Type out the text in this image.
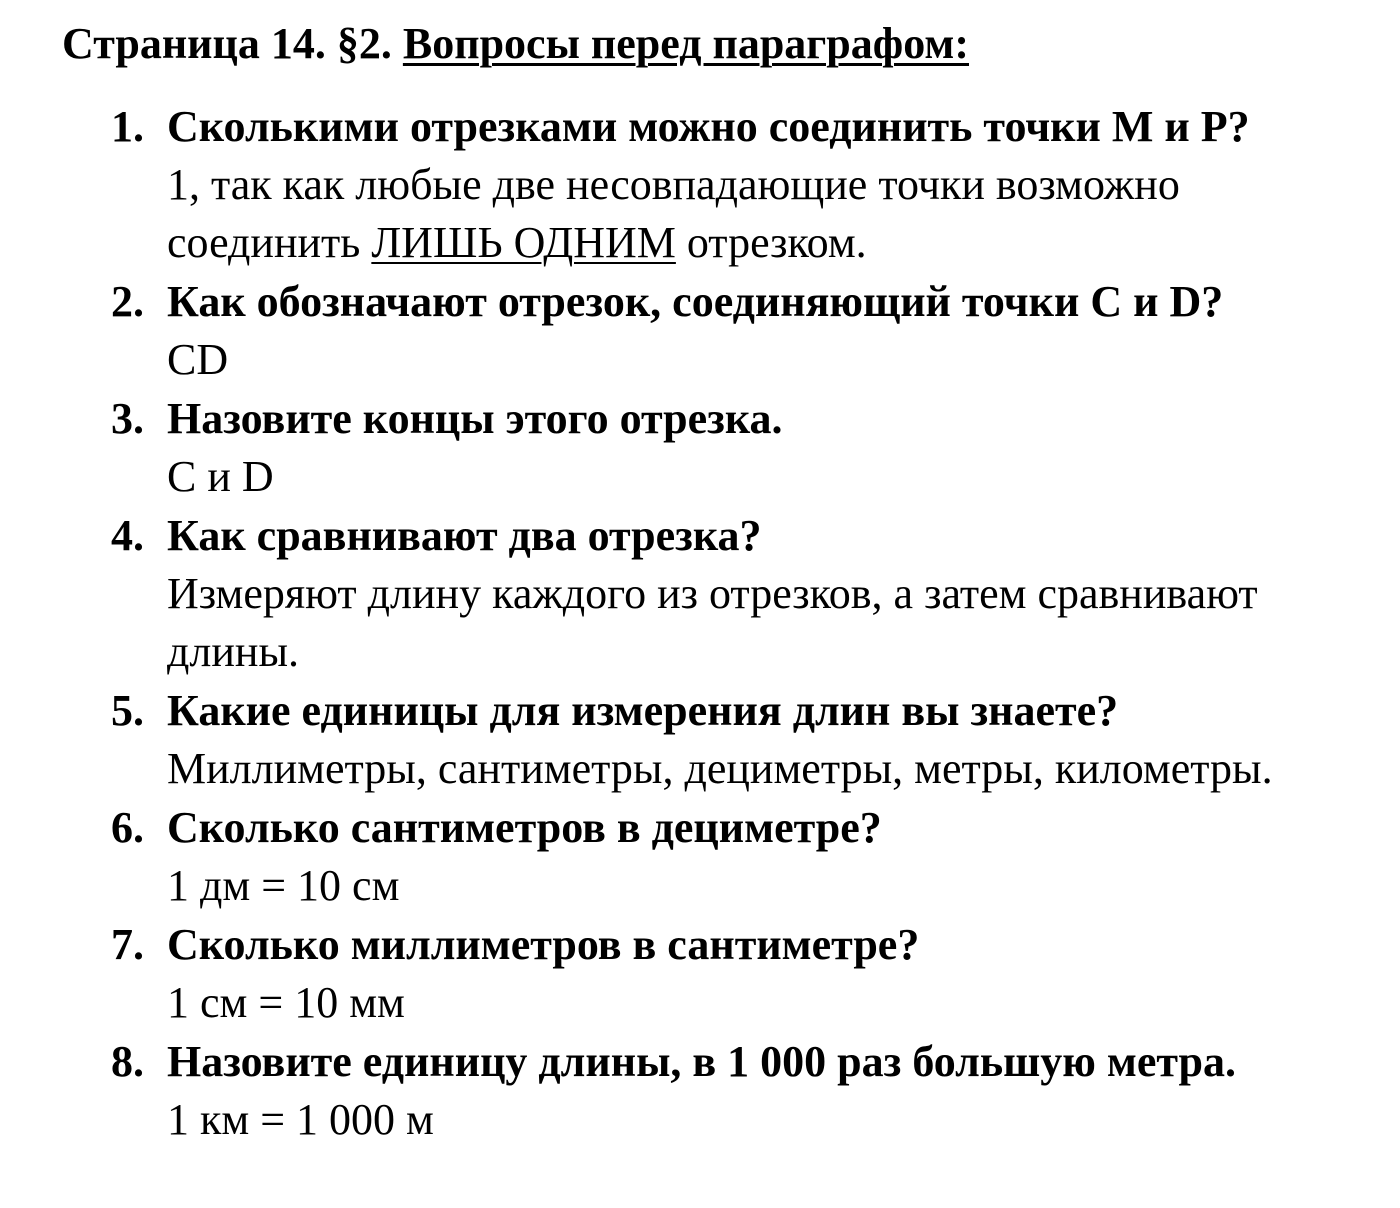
Страница 14. §2. Вопросы перед параграфом:
1. Сколькими отрезками можно соединить точки M и P?
1, так как любые две несовпадающие точки возможно
соединить ЛИШЬ ОДНИМ отрезком.
2. Как обозначают отрезок, соединяющий точки C и D?
CD
3. Назовите концы этого отрезка.
C и D
4. Как сравнивают два отрезка?
Измеряют длину каждого из отрезков, а затем сравнивают
длины.
5. Какие единицы для измерения длин вы знаете?
Миллиметры, сантиметры, дециметры, метры, километры.
6. Сколько сантиметров в дециметре?
1 дм = 10 см
7. Сколько миллиметров в сантиметре?
1 см = 10 мм
8. Назовите единицу длины, в 1 000 раз большую метра.
1 км = 1 000 м
